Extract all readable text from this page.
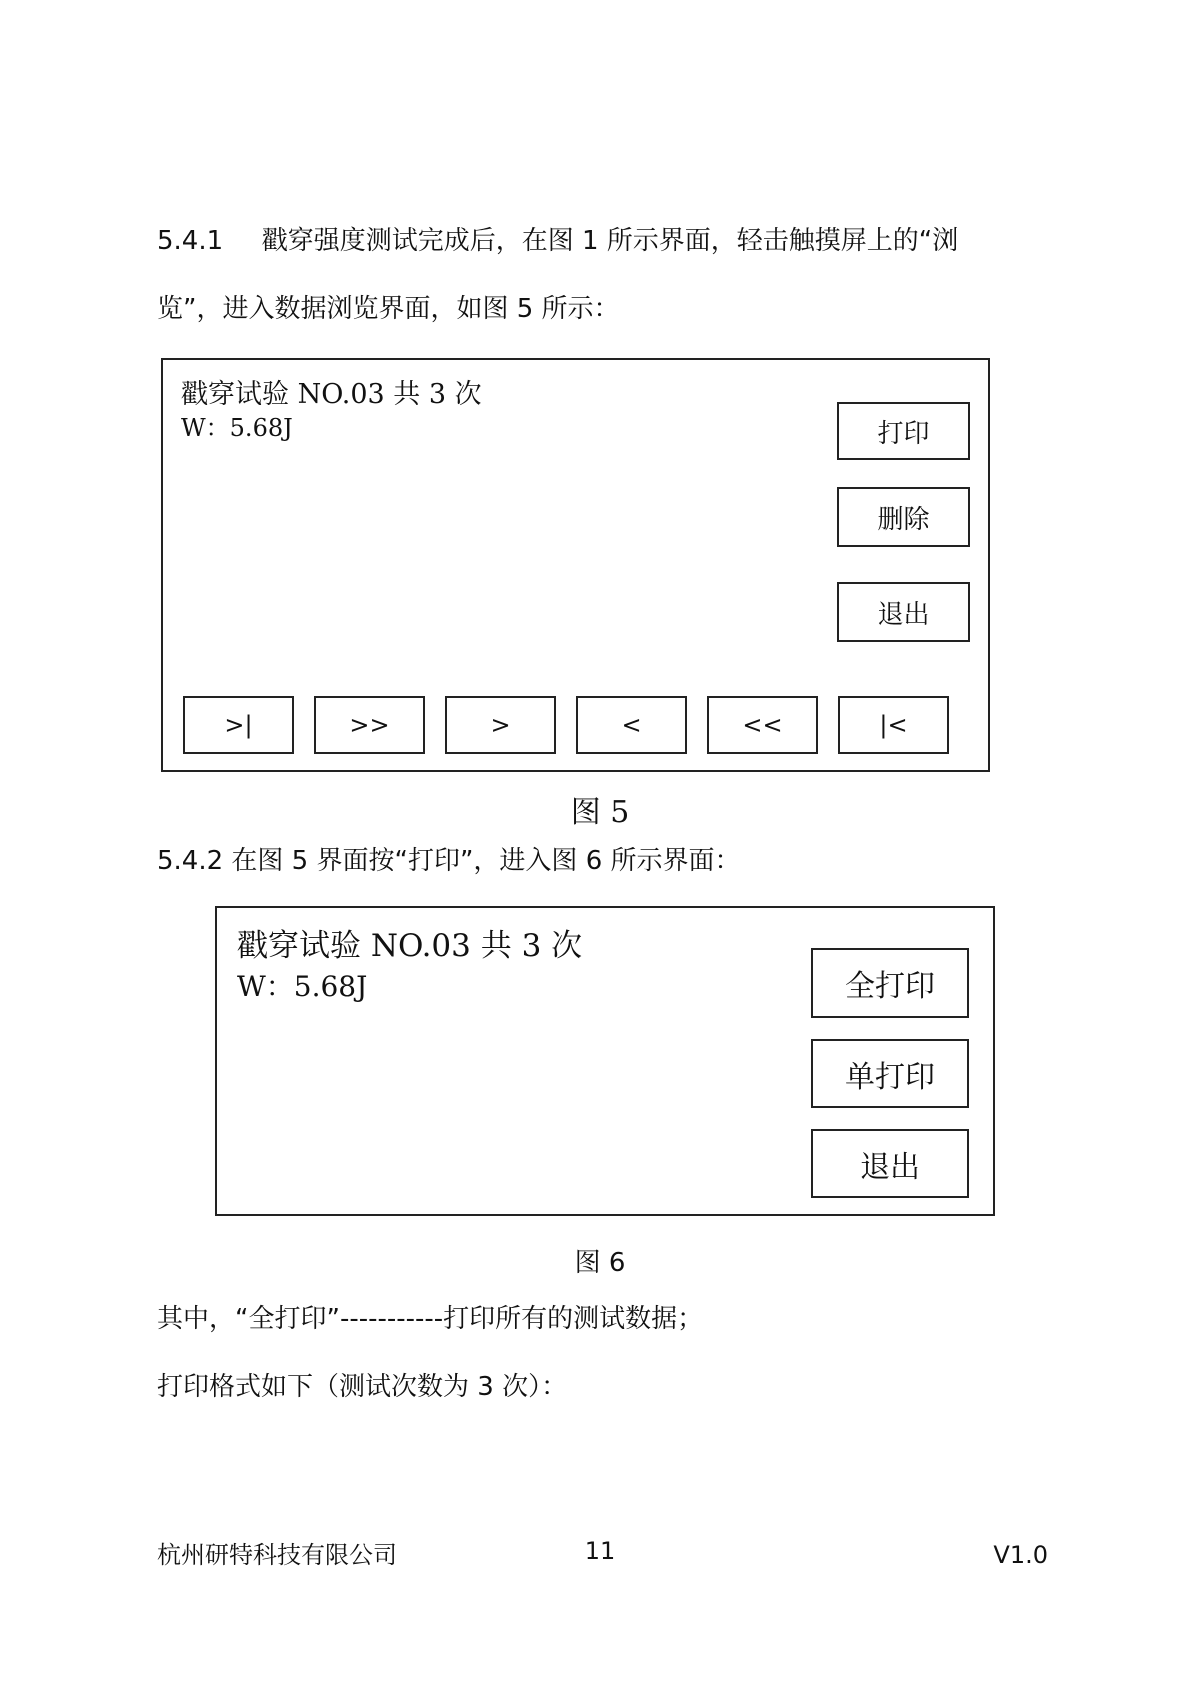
5.4.1 戳穿强度测试完成后，在图 1 所示界面，轻击触摸屏上的“浏
览”，进入数据浏览界面，如图 5 所示：
戳穿试验 NO.03 共 3 次
W：5.68J	打印
删除
退出
>|	>>	>	<	<<	|<
图 5
5.4.2 在图 5 界面按“打印”，进入图 6 所示界面：
戳穿试验 NO.03 共 3 次
W：5.68J	全打印
单打印
退出
图 6
其中，“全打印”-----------打印所有的测试数据；
打印格式如下（测试次数为 3 次）：
杭州研特科技有限公司	11	V1.0
